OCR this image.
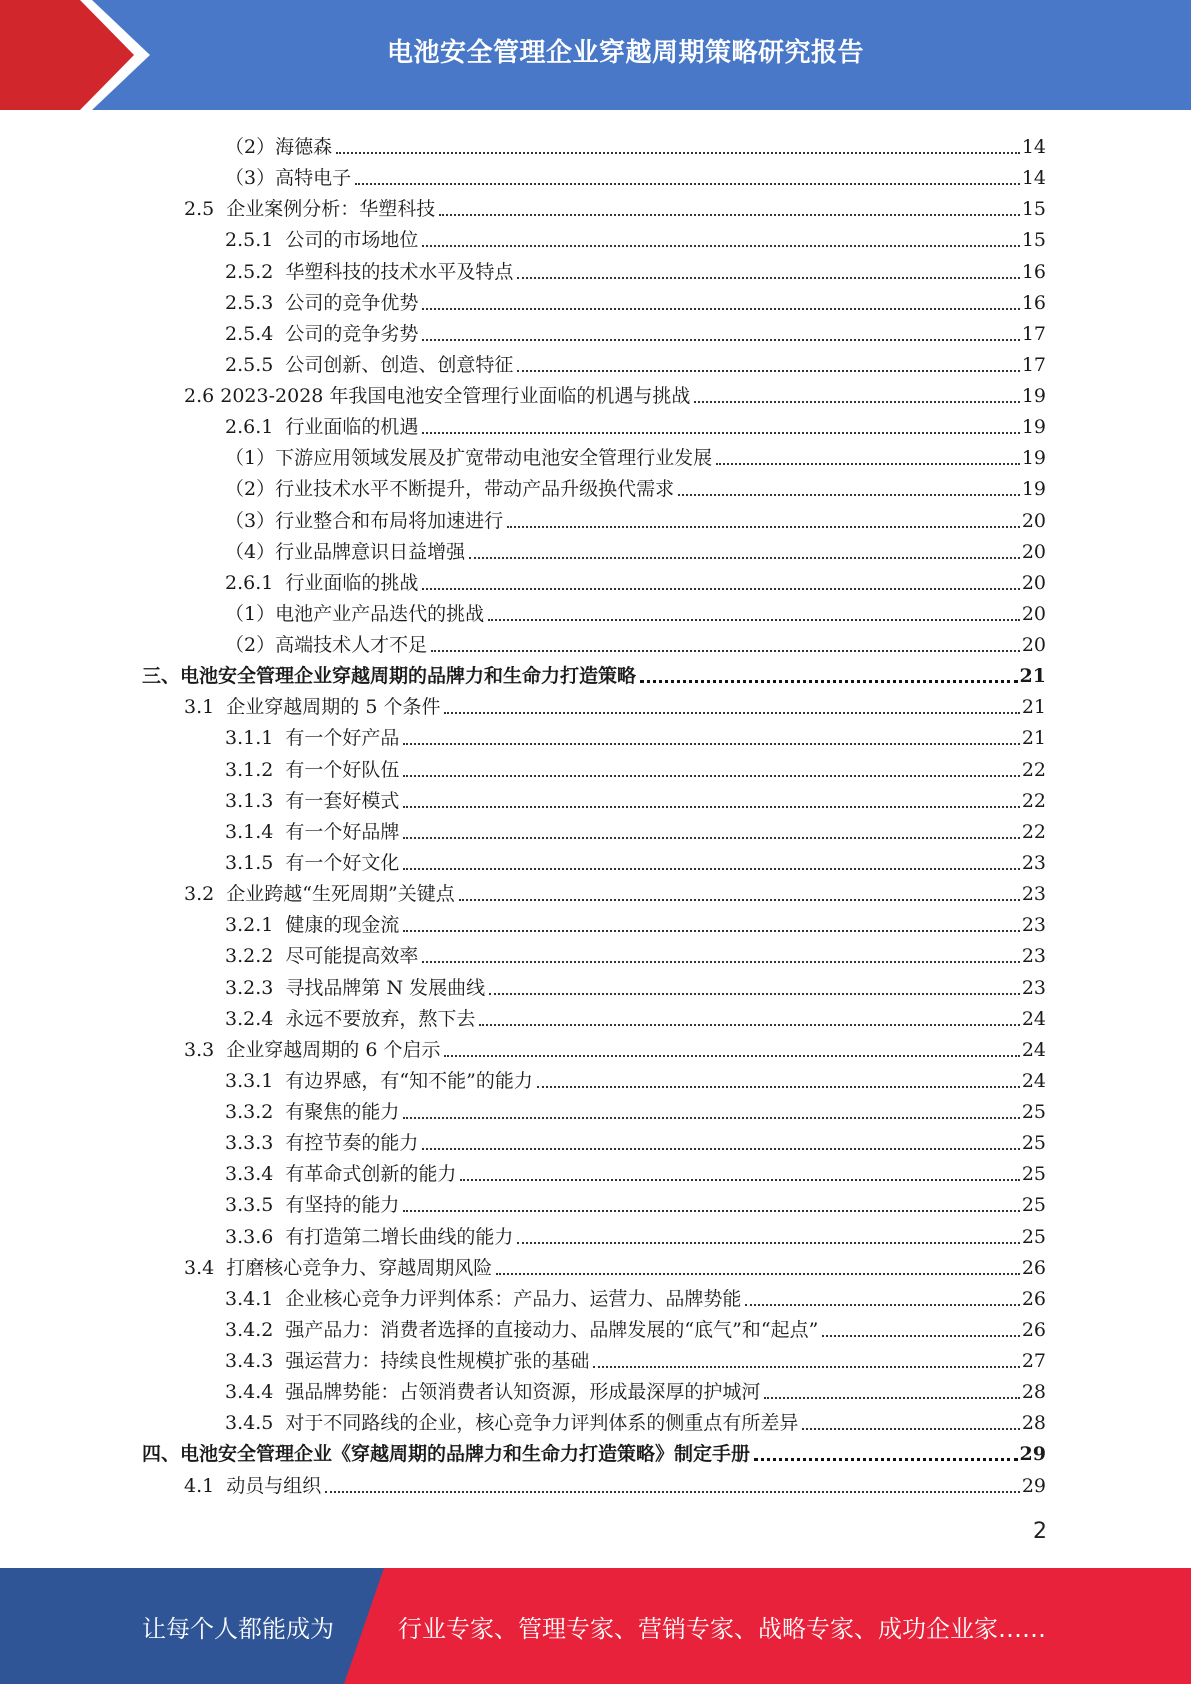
电池安全管理企业穿越周期策略研究报告
（2）海德森	14
（3）高特电子	14
2.5  企业案例分析：华塑科技	15
2.5.1  公司的市场地位	15
2.5.2  华塑科技的技术水平及特点	16
2.5.3  公司的竞争优势	16
2.5.4  公司的竞争劣势	17
2.5.5  公司创新、创造、创意特征	17
2.6 2023-2028 年我国电池安全管理行业面临的机遇与挑战	19
2.6.1  行业面临的机遇	19
（1）下游应用领域发展及扩宽带动电池安全管理行业发展	19
（2）行业技术水平不断提升，带动产品升级换代需求	19
（3）行业整合和布局将加速进行	20
（4）行业品牌意识日益增强	20
2.6.1  行业面临的挑战	20
（1）电池产业产品迭代的挑战	20
（2）高端技术人才不足	20
三、电池安全管理企业穿越周期的品牌力和生命力打造策略	21
3.1  企业穿越周期的 5 个条件	21
3.1.1  有一个好产品	21
3.1.2  有一个好队伍	22
3.1.3  有一套好模式	22
3.1.4  有一个好品牌	22
3.1.5  有一个好文化	23
3.2  企业跨越“生死周期”关键点	23
3.2.1  健康的现金流	23
3.2.2  尽可能提高效率	23
3.2.3  寻找品牌第 N 发展曲线	23
3.2.4  永远不要放弃，熬下去	24
3.3  企业穿越周期的 6 个启示	24
3.3.1  有边界感，有“知不能”的能力	24
3.3.2  有聚焦的能力	25
3.3.3  有控节奏的能力	25
3.3.4  有革命式创新的能力	25
3.3.5  有坚持的能力	25
3.3.6  有打造第二增长曲线的能力	25
3.4  打磨核心竞争力、穿越周期风险	26
3.4.1  企业核心竞争力评判体系：产品力、运营力、品牌势能	26
3.4.2  强产品力：消费者选择的直接动力、品牌发展的“底气”和“起点”	26
3.4.3  强运营力：持续良性规模扩张的基础	27
3.4.4  强品牌势能：占领消费者认知资源，形成最深厚的护城河	28
3.4.5  对于不同路线的企业，核心竞争力评判体系的侧重点有所差异	28
四、电池安全管理企业《穿越周期的品牌力和生命力打造策略》制定手册	29
4.1  动员与组织	29
2
让每个人都能成为	行业专家、管理专家、营销专家、战略专家、成功企业家……
